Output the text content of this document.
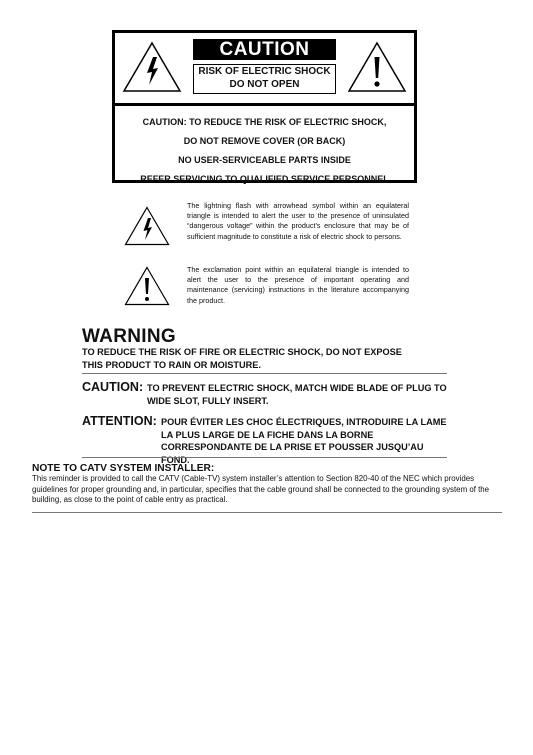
CAUTION
RISK OF ELECTRIC SHOCK
DO NOT OPEN
CAUTION: TO REDUCE THE RISK OF ELECTRIC SHOCK,
DO NOT REMOVE COVER (OR BACK)
NO USER-SERVICEABLE PARTS INSIDE
REFER SERVICING TO QUALIFIED SERVICE PERSONNEL
The lightning flash with arrowhead symbol within an equilateral triangle is intended to alert the user to the presence of uninsulated “dangerous voltage” within the product’s enclosure that may be of sufficient magnitude to constitute a risk of electric shock to persons.
The exclamation point within an equilateral triangle is intended to alert the user to the presence of important operating and maintenance (servicing) instructions in the literature accompanying the product.
WARNING
TO REDUCE THE RISK OF FIRE OR ELECTRIC SHOCK, DO NOT EXPOSE THIS PRODUCT TO RAIN OR MOISTURE.
CAUTION: TO PREVENT ELECTRIC SHOCK, MATCH WIDE BLADE OF PLUG TO WIDE SLOT, FULLY INSERT.
ATTENTION: POUR ÉVITER LES CHOC ÉLECTRIQUES, INTRODUIRE LA LAME LA PLUS LARGE DE LA FICHE DANS LA BORNE CORRESPONDANTE DE LA PRISE ET POUSSER JUSQU’AU FOND.
NOTE TO CATV SYSTEM INSTALLER:
This reminder is provided to call the CATV (Cable-TV) system installer’s attention to Section 820-40 of the NEC which provides guidelines for proper grounding and, in particular, specifies that the cable ground shall be connected to the grounding system of the building, as close to the point of cable entry as practical.
